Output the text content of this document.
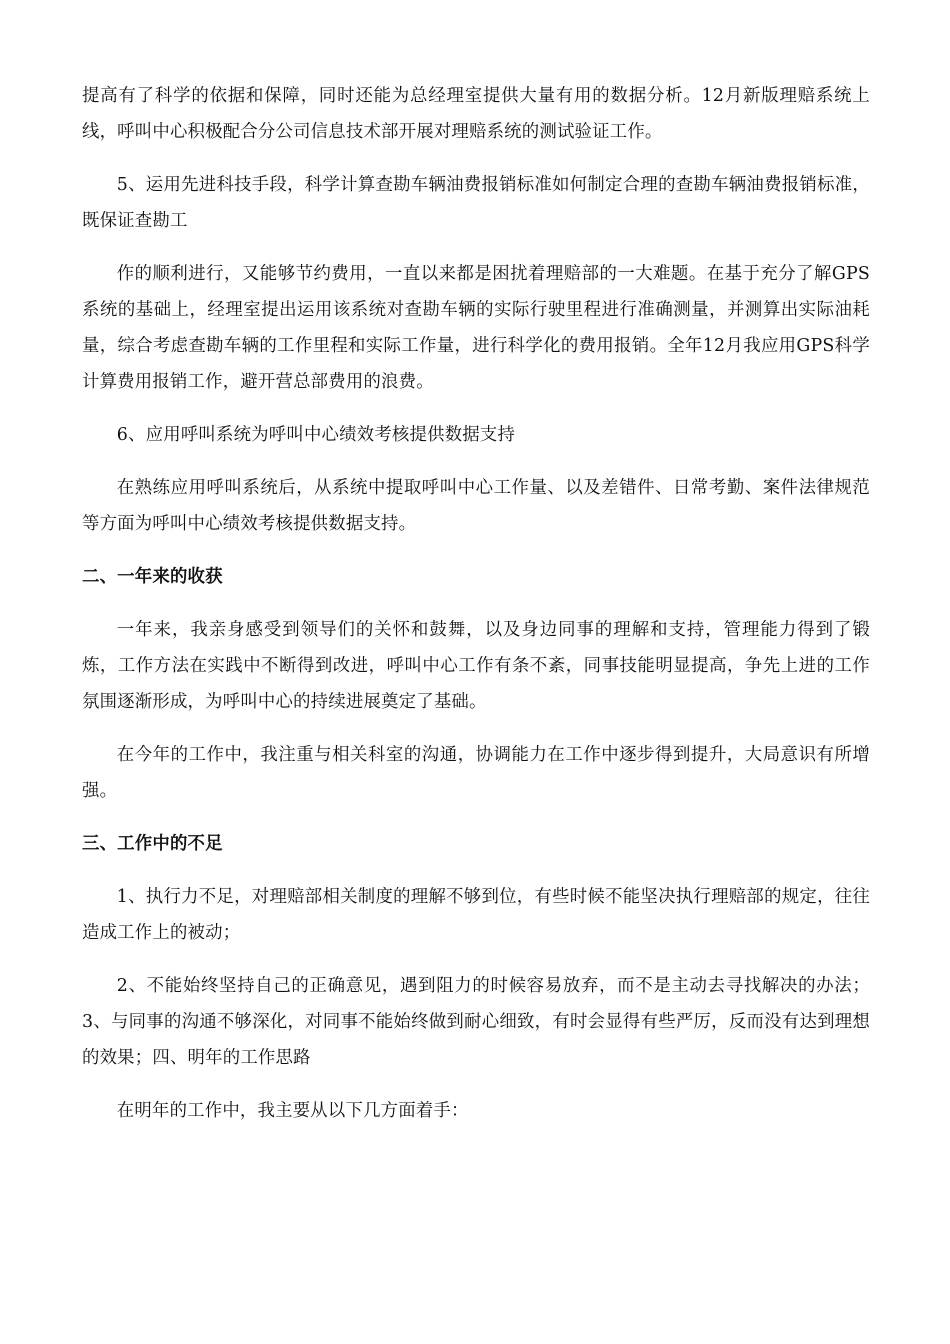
提高有了科学的依据和保障，同时还能为总经理室提供大量有用的数据分析。12月新版理赔系统上线，呼叫中心积极配合分公司信息技术部开展对理赔系统的测试验证工作。

5、运用先进科技手段，科学计算查勘车辆油费报销标准如何制定合理的查勘车辆油费报销标准，既保证查勘工

作的顺利进行，又能够节约费用，一直以来都是困扰着理赔部的一大难题。在基于充分了解GPS系统的基础上，经理室提出运用该系统对查勘车辆的实际行驶里程进行准确测量，并测算出实际油耗量，综合考虑查勘车辆的工作里程和实际工作量，进行科学化的费用报销。全年12月我应用GPS科学计算费用报销工作，避开营总部费用的浪费。

6、应用呼叫系统为呼叫中心绩效考核提供数据支持

在熟练应用呼叫系统后，从系统中提取呼叫中心工作量、以及差错件、日常考勤、案件法律规范等方面为呼叫中心绩效考核提供数据支持。

二、一年来的收获

一年来，我亲身感受到领导们的关怀和鼓舞，以及身边同事的理解和支持，管理能力得到了锻炼，工作方法在实践中不断得到改进，呼叫中心工作有条不紊，同事技能明显提高，争先上进的工作氛围逐渐形成，为呼叫中心的持续进展奠定了基础。

在今年的工作中，我注重与相关科室的沟通，协调能力在工作中逐步得到提升，大局意识有所增强。

三、工作中的不足

1、执行力不足，对理赔部相关制度的理解不够到位，有些时候不能坚决执行理赔部的规定，往往造成工作上的被动；

2、不能始终坚持自己的正确意见，遇到阻力的时候容易放弃，而不是主动去寻找解决的办法；3、与同事的沟通不够深化，对同事不能始终做到耐心细致，有时会显得有些严厉，反而没有达到理想的效果；四、明年的工作思路

在明年的工作中，我主要从以下几方面着手：
